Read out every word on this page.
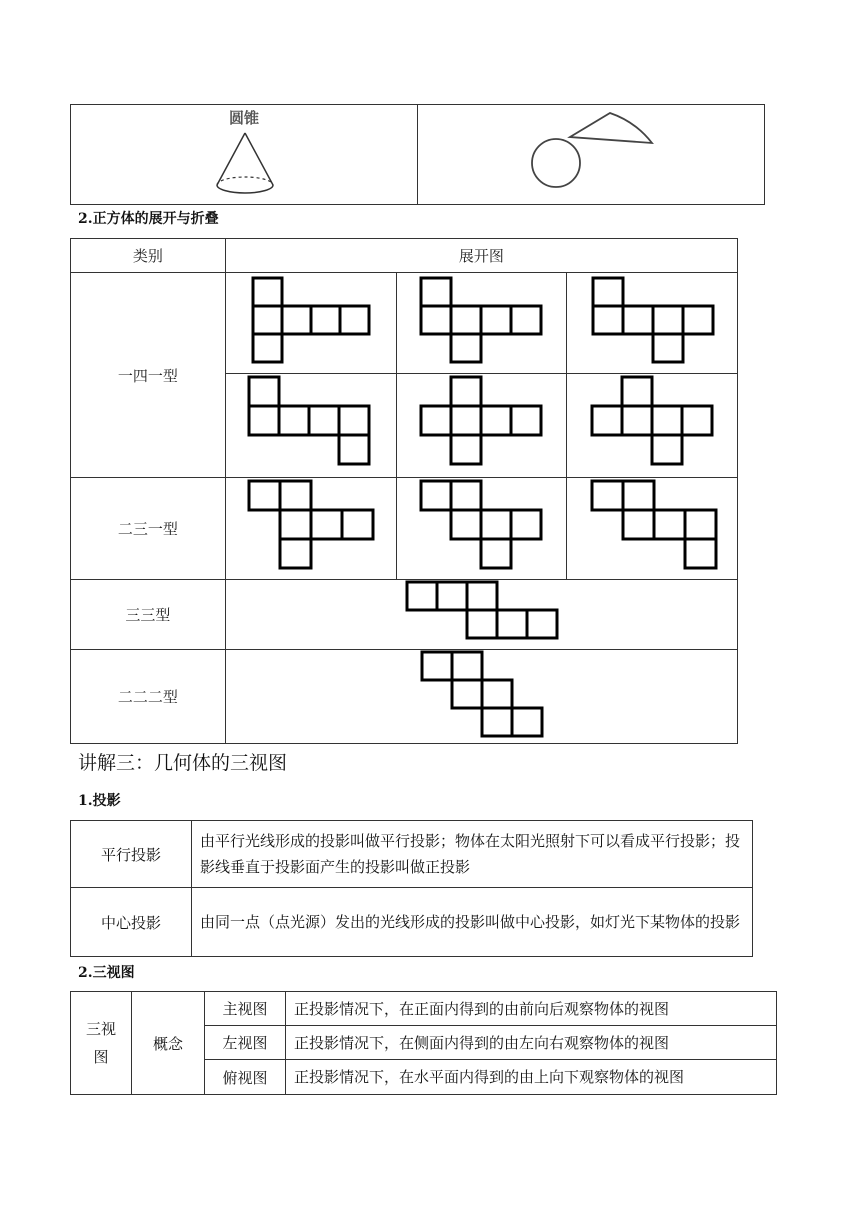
圆锥

2.正方体的展开与折叠
类别	展开图		
一四一型	

二三一型	

三三型	

二二二型	
讲解三：几何体的三视图
1.投影
平行投影	由平行光线形成的投影叫做平行投影；物体在太阳光照射下可以看成平行投影；投影线垂直于投影面产生的投影叫做正投影
中心投影	由同一点（点光源）发出的光线形成的投影叫做中心投影，如灯光下某物体的投影
2.三视图
三视图	概念	主视图	正投影情况下，在正面内得到的由前向后观察物体的视图
		左视图	正投影情况下，在侧面内得到的由左向右观察物体的视图
		俯视图	正投影情况下，在水平面内得到的由上向下观察物体的视图
